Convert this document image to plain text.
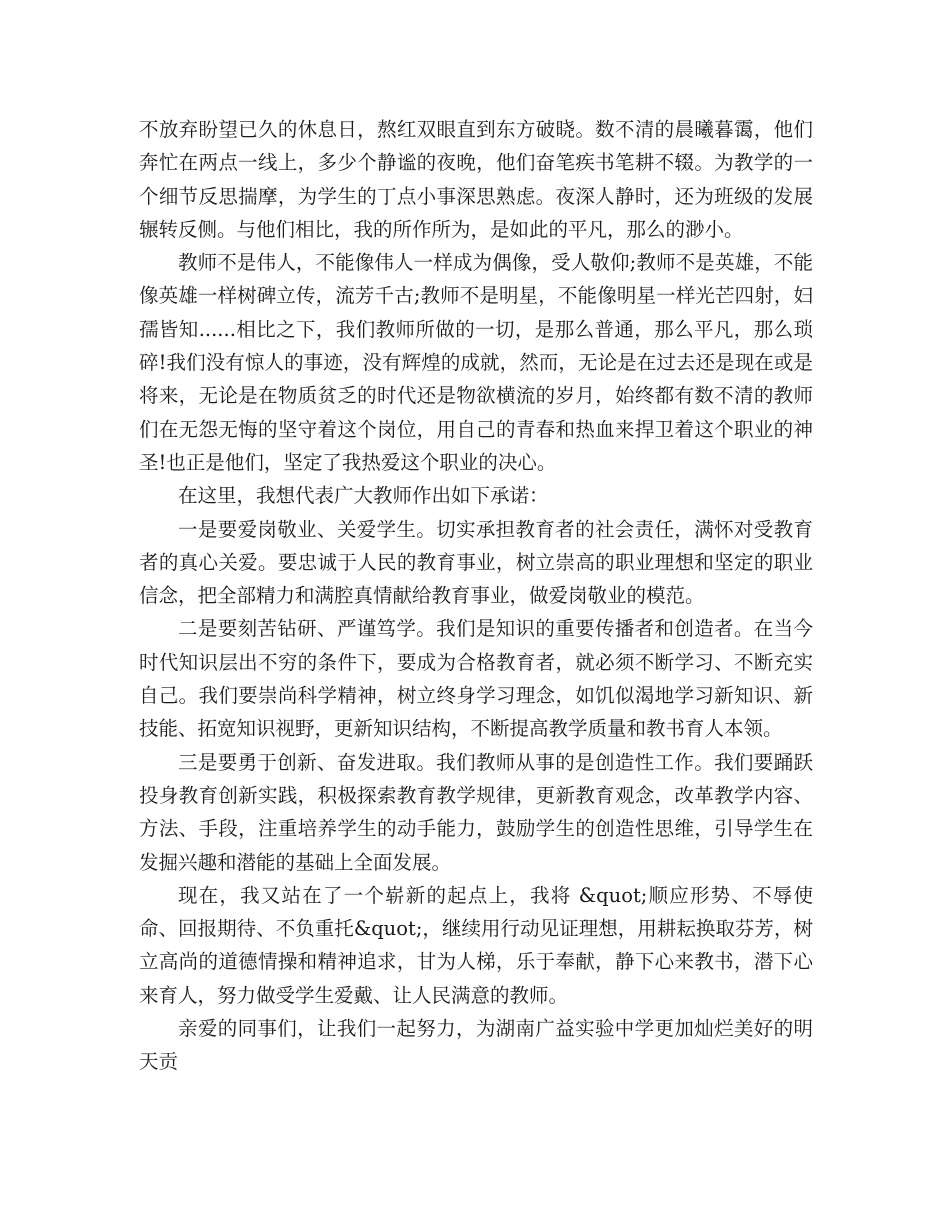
不放弃盼望已久的休息日，熬红双眼直到东方破晓。数不清的晨曦暮霭，他们奔忙在两点一线上，多少个静谧的夜晚，他们奋笔疾书笔耕不辍。为教学的一个细节反思揣摩，为学生的丁点小事深思熟虑。夜深人静时，还为班级的发展辗转反侧。与他们相比，我的所作所为，是如此的平凡，那么的渺小。

教师不是伟人，不能像伟人一样成为偶像，受人敬仰;教师不是英雄，不能像英雄一样树碑立传，流芳千古;教师不是明星，不能像明星一样光芒四射，妇孺皆知......相比之下，我们教师所做的一切，是那么普通，那么平凡，那么琐碎!我们没有惊人的事迹，没有辉煌的成就，然而，无论是在过去还是现在或是将来，无论是在物质贫乏的时代还是物欲横流的岁月，始终都有数不清的教师们在无怨无悔的坚守着这个岗位，用自己的青春和热血来捍卫着这个职业的神圣!也正是他们，坚定了我热爱这个职业的决心。

在这里，我想代表广大教师作出如下承诺：

一是要爱岗敬业、关爱学生。切实承担教育者的社会责任，满怀对受教育者的真心关爱。要忠诚于人民的教育事业，树立崇高的职业理想和坚定的职业信念，把全部精力和满腔真情献给教育事业，做爱岗敬业的模范。

二是要刻苦钻研、严谨笃学。我们是知识的重要传播者和创造者。在当今时代知识层出不穷的条件下，要成为合格教育者，就必须不断学习、不断充实自己。我们要崇尚科学精神，树立终身学习理念，如饥似渴地学习新知识、新技能、拓宽知识视野，更新知识结构，不断提高教学质量和教书育人本领。

三是要勇于创新、奋发进取。我们教师从事的是创造性工作。我们要踊跃投身教育创新实践，积极探索教育教学规律，更新教育观念，改革教学内容、方法、手段，注重培养学生的动手能力，鼓励学生的创造性思维，引导学生在发掘兴趣和潜能的基础上全面发展。

现在，我又站在了一个崭新的起点上，我将 &quot;顺应形势、不辱使命、回报期待、不负重托&quot;，继续用行动见证理想，用耕耘换取芬芳，树立高尚的道德情操和精神追求，甘为人梯，乐于奉献，静下心来教书，潜下心来育人，努力做受学生爱戴、让人民满意的教师。

亲爱的同事们，让我们一起努力，为湖南广益实验中学更加灿烂美好的明天贡
